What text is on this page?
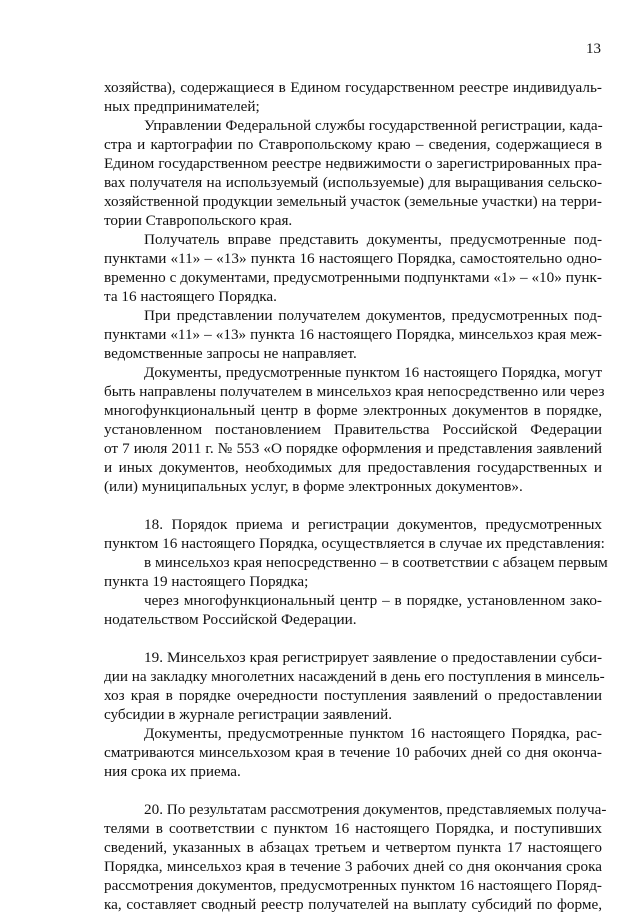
13

хозяйства), содержащиеся в Едином государственном реестре индивидуаль-
ных предпринимателей;

Управлении Федеральной службы государственной регистрации, када-
стра и картографии по Ставропольскому краю – сведения, содержащиеся в
Едином государственном реестре недвижимости о зарегистрированных пра-
вах получателя на используемый (используемые) для выращивания сельско-
хозяйственной продукции земельный участок (земельные участки) на терри-
тории Ставропольского края.

Получатель вправе представить документы, предусмотренные под-
пунктами «11» – «13» пункта 16 настоящего Порядка, самостоятельно одно-
временно с документами, предусмотренными подпунктами «1» – «10» пунк-
та 16 настоящего Порядка.

При представлении получателем документов, предусмотренных под-
пунктами «11» – «13» пункта 16 настоящего Порядка, минсельхоз края меж-
ведомственные запросы не направляет.

Документы, предусмотренные пунктом 16 настоящего Порядка, могут
быть направлены получателем в минсельхоз края непосредственно или через
многофункциональный центр в форме электронных документов в порядке,
установленном постановлением Правительства Российской Федерации
от 7 июля 2011 г. № 553 «О порядке оформления и представления заявлений
и иных документов, необходимых для предоставления государственных и
(или) муниципальных услуг, в форме электронных документов».

18. Порядок приема и регистрации документов, предусмотренных
пунктом 16 настоящего Порядка, осуществляется в случае их представления:

в минсельхоз края непосредственно – в соответствии с абзацем первым
пункта 19 настоящего Порядка;

через многофункциональный центр – в порядке, установленном зако-
нодательством Российской Федерации.

19. Минсельхоз края регистрирует заявление о предоставлении субси-
дии на закладку многолетних насаждений в день его поступления в минсель-
хоз края в порядке очередности поступления заявлений о предоставлении
субсидии в журнале регистрации заявлений.

Документы, предусмотренные пунктом 16 настоящего Порядка, рас-
сматриваются минсельхозом края в течение 10 рабочих дней со дня оконча-
ния срока их приема.

20. По результатам рассмотрения документов, представляемых получа-
телями в соответствии с пунктом 16 настоящего Порядка, и поступивших
сведений, указанных в абзацах третьем и четвертом пункта 17 настоящего
Порядка, минсельхоз края в течение 3 рабочих дней со дня окончания срока
рассмотрения документов, предусмотренных пунктом 16 настоящего Поряд-
ка, составляет сводный реестр получателей на выплату субсидий по форме,
